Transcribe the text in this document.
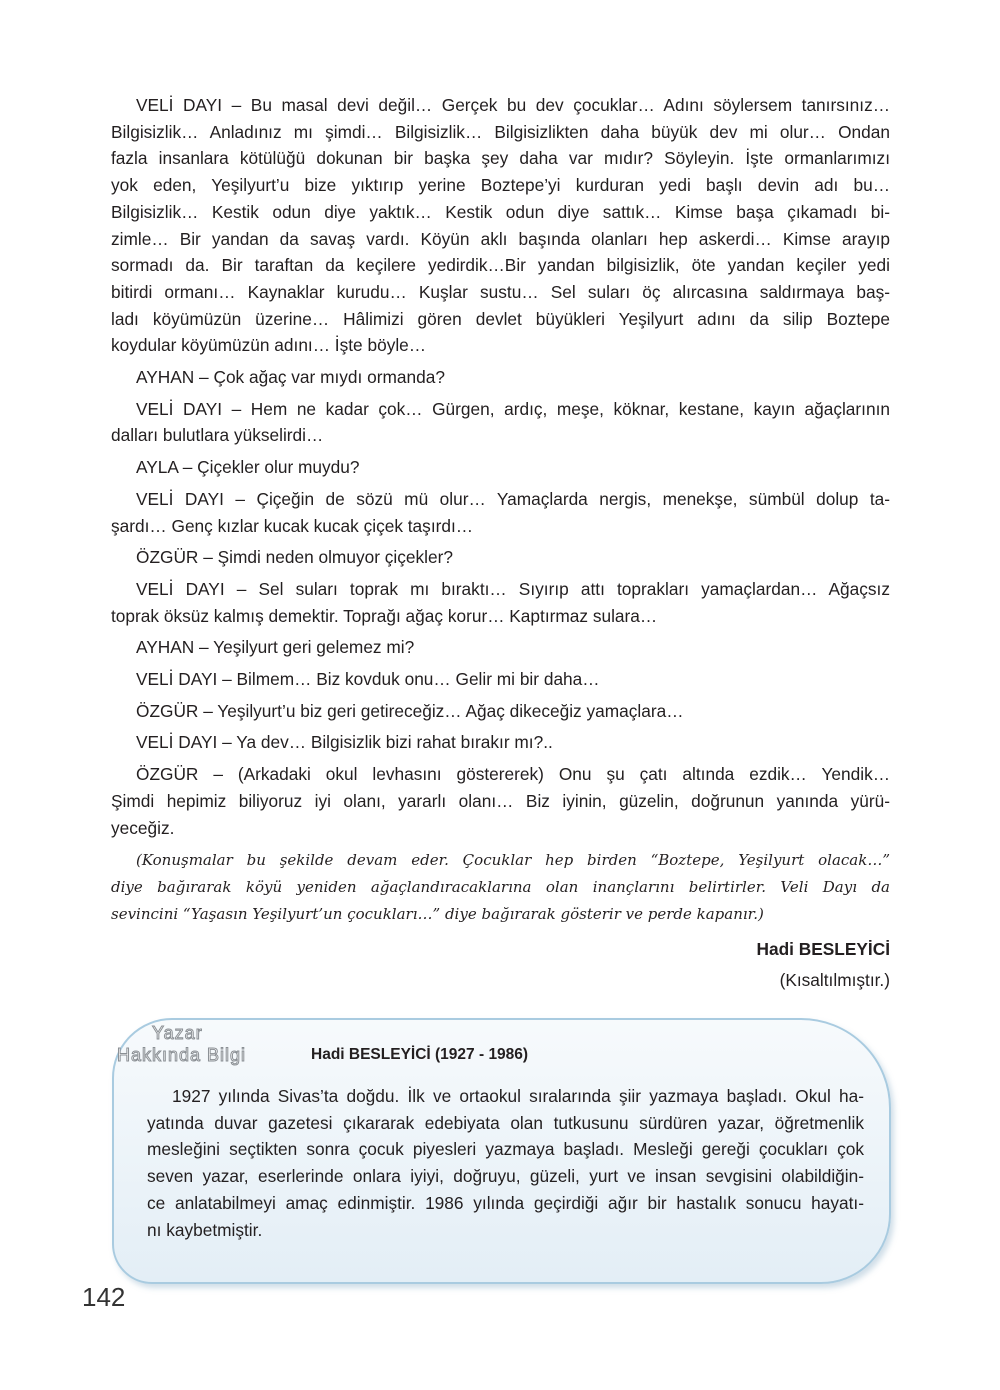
VELİ DAYI – Bu masal devi değil… Gerçek bu dev çocuklar… Adını söylersem tanırsınız…
Bilgisizlik… Anladınız mı şimdi… Bilgisizlik… Bilgisizlikten daha büyük dev mi olur… Ondan
fazla insanlara kötülüğü dokunan bir başka şey daha var mıdır? Söyleyin. İşte ormanlarımızı
yok eden, Yeşilyurt’u bize yıktırıp yerine Boztepe’yi kurduran yedi başlı devin adı bu…
Bilgisizlik… Kestik odun diye yaktık… Kestik odun diye sattık… Kimse başa çıkamadı bi-
zimle… Bir yandan da savaş vardı. Köyün aklı başında olanları hep askerdi… Kimse arayıp
sormadı da. Bir taraftan da keçilere yedirdik…Bir yandan bilgisizlik, öte yandan keçiler yedi
bitirdi ormanı… Kaynaklar kurudu… Kuşlar sustu… Sel suları öç alırcasına saldırmaya baş-
ladı köyümüzün üzerine… Hâlimizi gören devlet büyükleri Yeşilyurt adını da silip Boztepe
koydular köyümüzün adını… İşte böyle…
AYHAN – Çok ağaç var mıydı ormanda?
VELİ DAYI – Hem ne kadar çok… Gürgen, ardıç, meşe, köknar, kestane, kayın ağaçlarının
dalları bulutlara yükselirdi…
AYLA – Çiçekler olur muydu?
VELİ DAYI – Çiçeğin de sözü mü olur… Yamaçlarda nergis, menekşe, sümbül dolup ta-
şardı… Genç kızlar kucak kucak çiçek taşırdı…
ÖZGÜR – Şimdi neden olmuyor çiçekler?
VELİ DAYI – Sel suları toprak mı bıraktı… Sıyırıp attı toprakları yamaçlardan… Ağaçsız
toprak öksüz kalmış demektir. Toprağı ağaç korur… Kaptırmaz sulara…
AYHAN – Yeşilyurt geri gelemez mi?
VELİ DAYI – Bilmem… Biz kovduk onu… Gelir mi bir daha…
ÖZGÜR – Yeşilyurt’u biz geri getireceğiz… Ağaç dikeceğiz yamaçlara…
VELİ DAYI – Ya dev… Bilgisizlik bizi rahat bırakır mı?..
ÖZGÜR – (Arkadaki okul levhasını göstererek) Onu şu çatı altında ezdik… Yendik…
Şimdi hepimiz biliyoruz iyi olanı, yararlı olanı… Biz iyinin, güzelin, doğrunun yanında yürü-
yeceğiz.
(Konuşmalar bu şekilde devam eder. Çocuklar hep birden “Boztepe, Yeşilyurt olacak…”
diye bağırarak köyü yeniden ağaçlandıracaklarına olan inançlarını belirtirler. Veli Dayı da
sevincini “Yaşasın Yeşilyurt’un çocukları…” diye bağırarak gösterir ve perde kapanır.)
Hadi BESLEYİCİ
(Kısaltılmıştır.)
Yazar
Hakkında Bilgi	Hadi BESLEYİCİ (1927 - 1986)
1927 yılında Sivas’ta doğdu. İlk ve ortaokul sıralarında şiir yazmaya başladı. Okul ha-
yatında duvar gazetesi çıkararak edebiyata olan tutkusunu sürdüren yazar, öğretmenlik
mesleğini seçtikten sonra çocuk piyesleri yazmaya başladı. Mesleği gereği çocukları çok
seven yazar, eserlerinde onlara iyiyi, doğruyu, güzeli, yurt ve insan sevgisini olabildiğin-
ce anlatabilmeyi amaç edinmiştir. 1986 yılında geçirdiği ağır bir hastalık sonucu hayatı-
nı kaybetmiştir.
142
